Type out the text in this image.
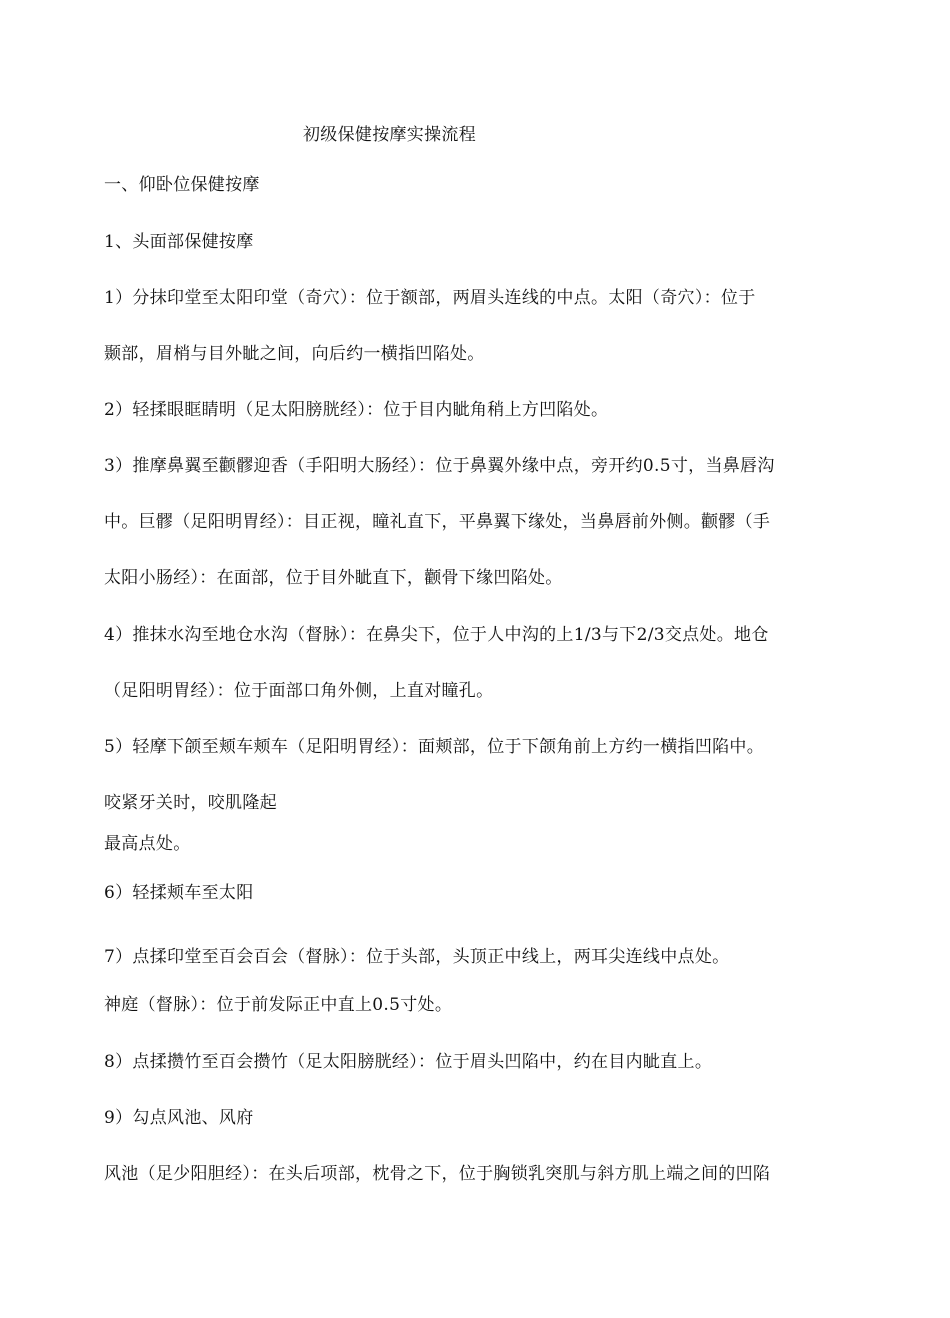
初级保健按摩实操流程
一、仰卧位保健按摩
1、头面部保健按摩
1）分抹印堂至太阳印堂（奇穴）：位于额部，两眉头连线的中点。太阳（奇穴）：位于
颞部，眉梢与目外眦之间，向后约一横指凹陷处。
2）轻揉眼眶睛明（足太阳膀胱经）：位于目内眦角稍上方凹陷处。
3）推摩鼻翼至颧髎迎香（手阳明大肠经）：位于鼻翼外缘中点，旁开约0.5寸，当鼻唇沟
中。巨髎（足阳明胃经）：目正视，瞳礼直下，平鼻翼下缘处，当鼻唇前外侧。颧髎（手
太阳小肠经）：在面部，位于目外眦直下，颧骨下缘凹陷处。
4）推抹水沟至地仓水沟（督脉）：在鼻尖下，位于人中沟的上1/3与下2/3交点处。地仓
（足阳明胃经）：位于面部口角外侧，上直对瞳孔。
5）轻摩下颌至颊车颊车（足阳明胃经）：面颊部，位于下颌角前上方约一横指凹陷中。
咬紧牙关时，咬肌隆起
最高点处。
6）轻揉颊车至太阳
7）点揉印堂至百会百会（督脉）：位于头部，头顶正中线上，两耳尖连线中点处。
神庭（督脉）：位于前发际正中直上0.5寸处。
8）点揉攒竹至百会攒竹（足太阳膀胱经）：位于眉头凹陷中，约在目内眦直上。
9）勾点风池、风府
风池（足少阳胆经）：在头后项部，枕骨之下，位于胸锁乳突肌与斜方肌上端之间的凹陷
